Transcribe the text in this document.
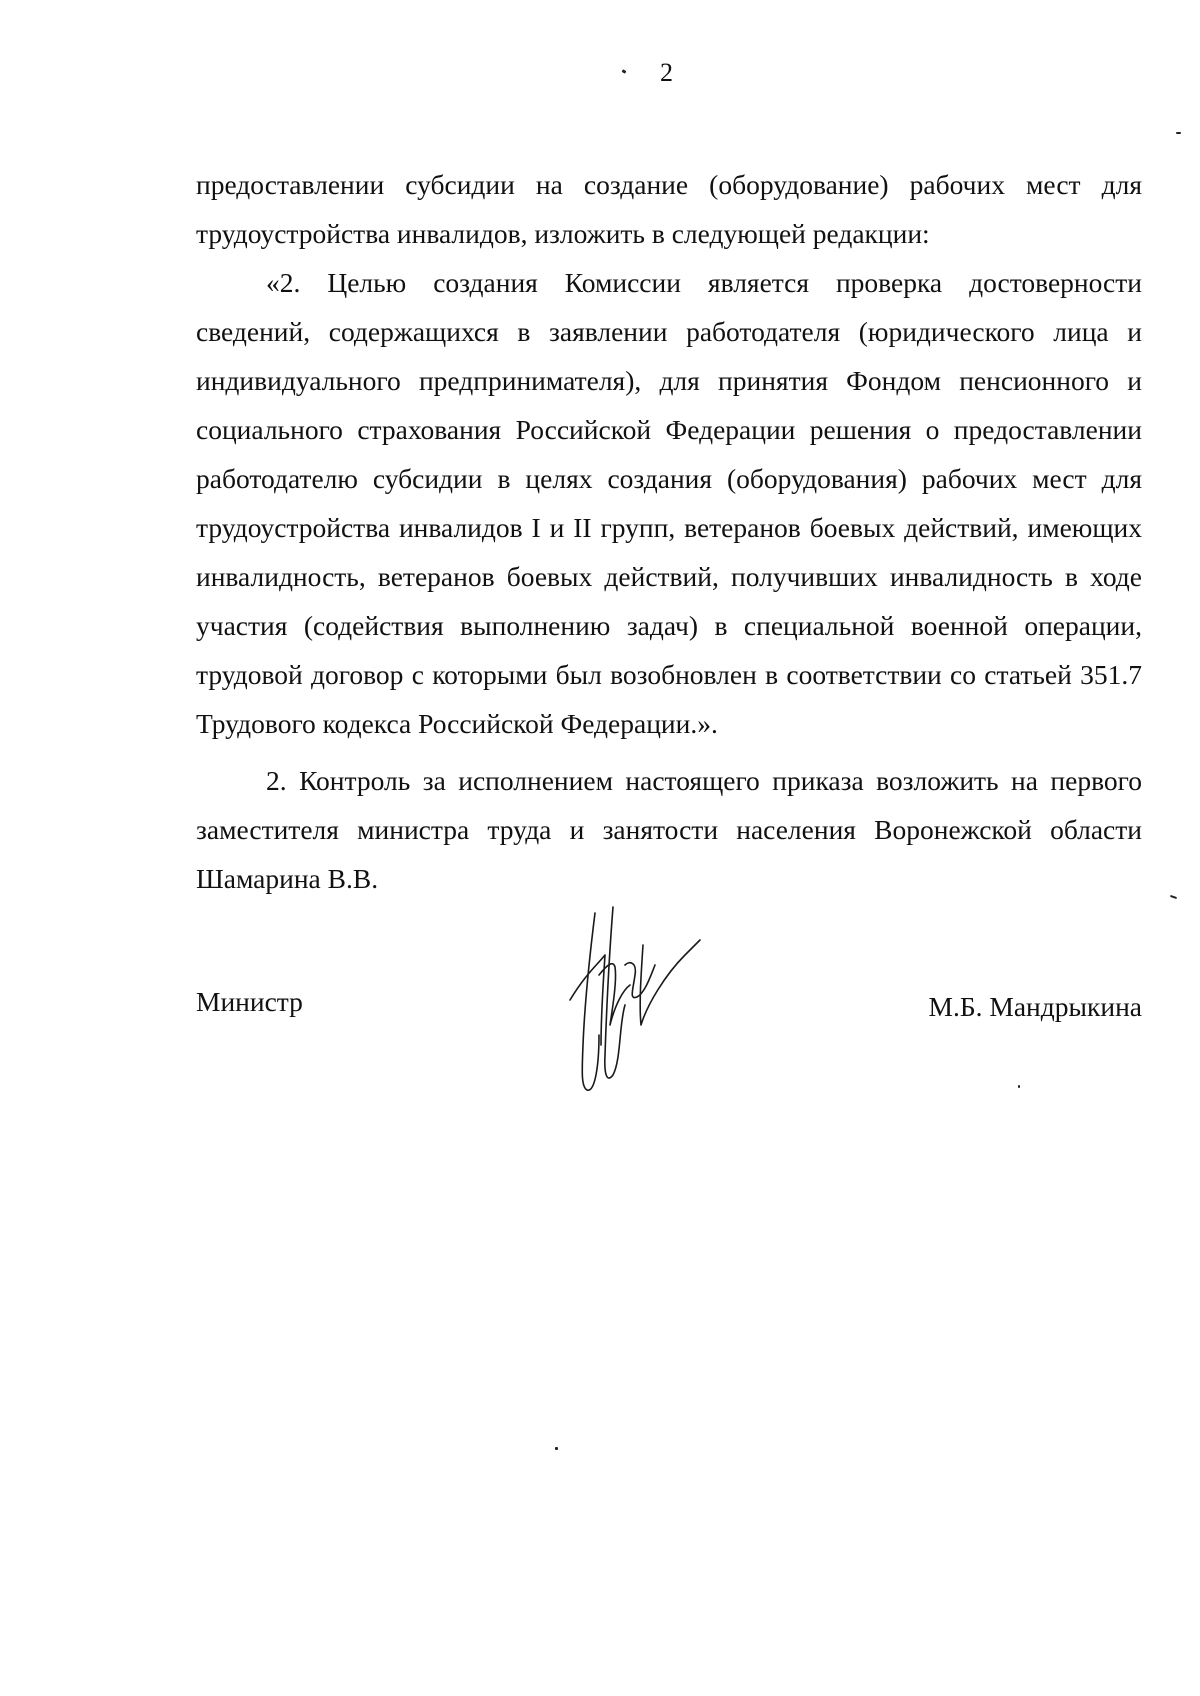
2

предоставлении субсидии на создание (оборудование) рабочих мест для

трудоустройства инвалидов, изложить в следующей редакции:

«2. Целью создания Комиссии является проверка достоверности сведений, содержащихся в заявлении работодателя (юридического лица и индивидуального предпринимателя), для принятия Фондом пенсионного и социального страхования Российской Федерации решения о предоставлении работодателю субсидии в целях создания (оборудования) рабочих мест для трудоустройства инвалидов I и II групп, ветеранов боевых действий, имеющих инвалидность, ветеранов боевых действий, получивших инвалидность в ходе участия (содействия выполнению задач) в специальной военной операции, трудовой договор с которыми был возобновлен в соответствии со статьей 351.7 Трудового кодекса Российской Федерации.».

2. Контроль за исполнением настоящего приказа возложить на первого заместителя министра труда и занятости населения Воронежской области Шамарина В.В.

Министр	М.Б. Мандрыкина
